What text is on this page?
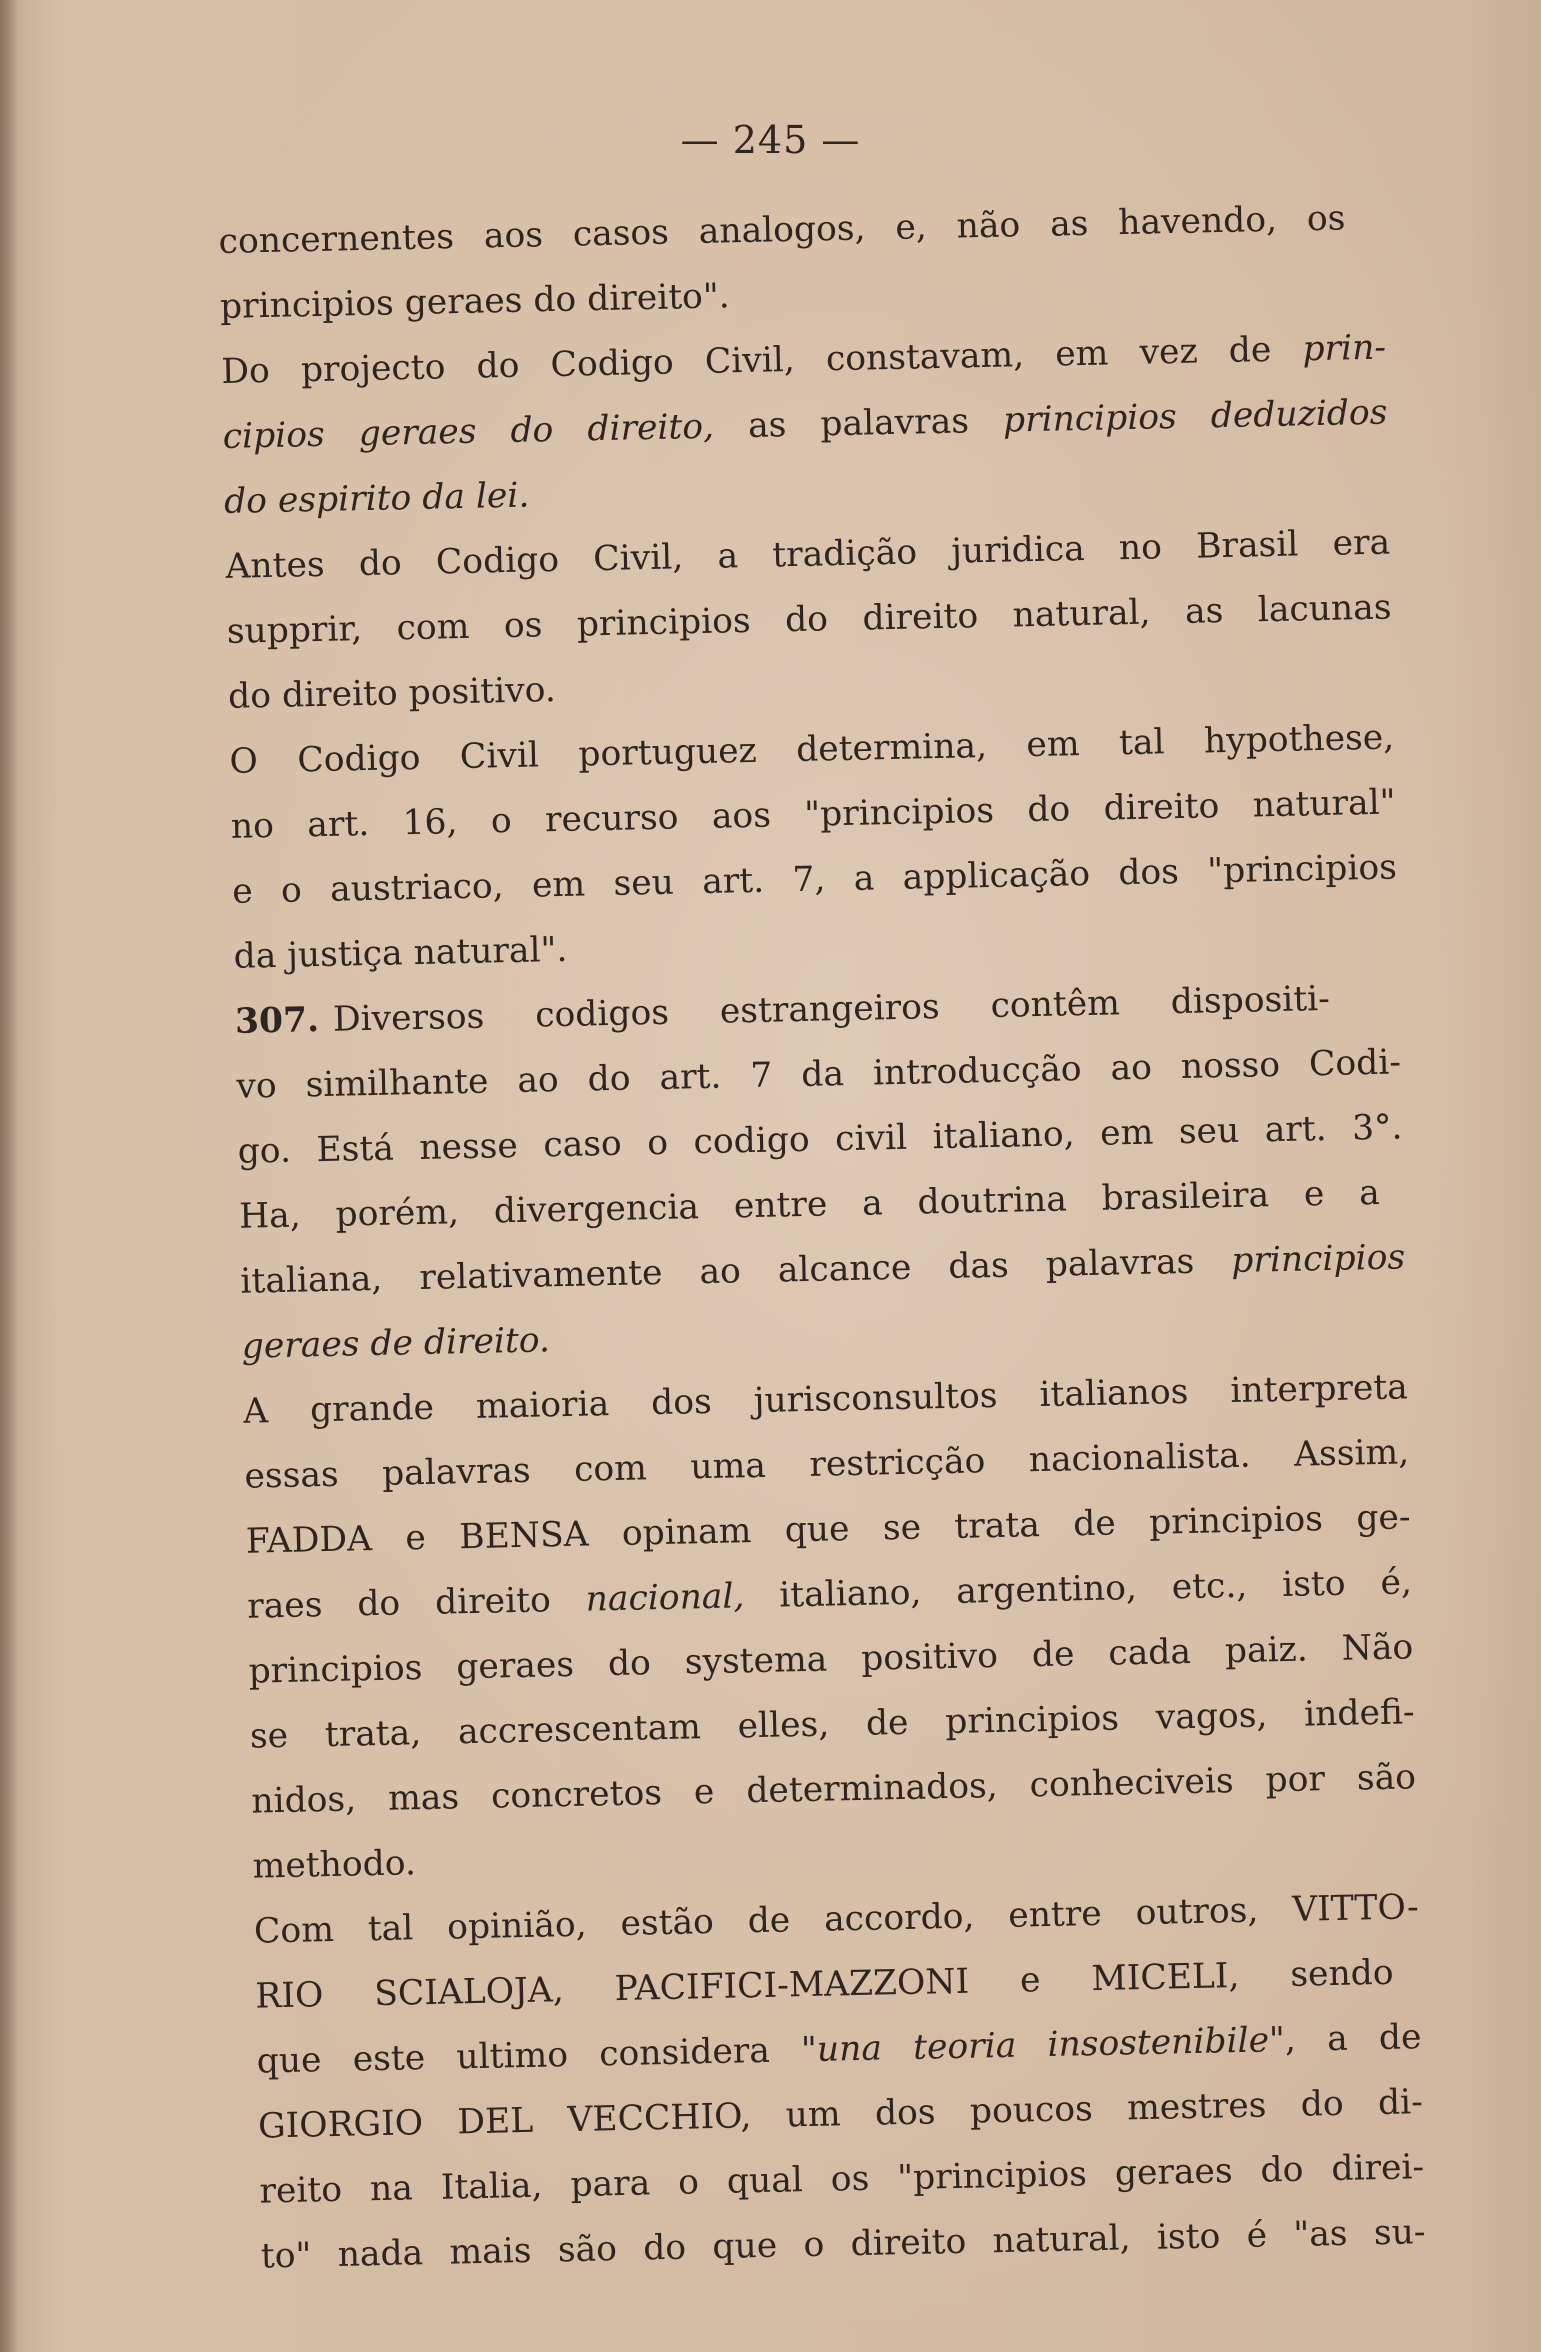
— 245 —
concernentes aos casos analogos, e, não as havendo, os
principios geraes do direito".
Do projecto do Codigo Civil, constavam, em vez de prin-
cipios geraes do direito, as palavras principios deduzidos
do espirito da lei.
Antes do Codigo Civil, a tradição juridica no Brasil era
supprir, com os principios do direito natural, as lacunas
do direito positivo.
O Codigo Civil portuguez determina, em tal hypothese,
no art. 16, o recurso aos "principios do direito natural"
e o austriaco, em seu art. 7, a applicação dos "principios
da justiça natural".
307. Diversos codigos estrangeiros contêm dispositi-
vo similhante ao do art. 7 da introducção ao nosso Codi-
go. Está nesse caso o codigo civil italiano, em seu art. 3°.
Ha, porém, divergencia entre a doutrina brasileira e a
italiana, relativamente ao alcance das palavras principios
geraes de direito.
A grande maioria dos jurisconsultos italianos interpreta
essas palavras com uma restricção nacionalista. Assim,
FADDA e BENSA opinam que se trata de principios ge-
raes do direito nacional, italiano, argentino, etc., isto é,
principios geraes do systema positivo de cada paiz. Não
se trata, accrescentam elles, de principios vagos, indefi-
nidos, mas concretos e determinados, conheciveis por são
methodo.
Com tal opinião, estão de accordo, entre outros, VITTO-
RIO SCIALOJA, PACIFICI-MAZZONI e MICELI, sendo
que este ultimo considera "una teoria insostenibile", a de
GIORGIO DEL VECCHIO, um dos poucos mestres do di-
reito na Italia, para o qual os "principios geraes do direi-
to" nada mais são do que o direito natural, isto é "as su-
